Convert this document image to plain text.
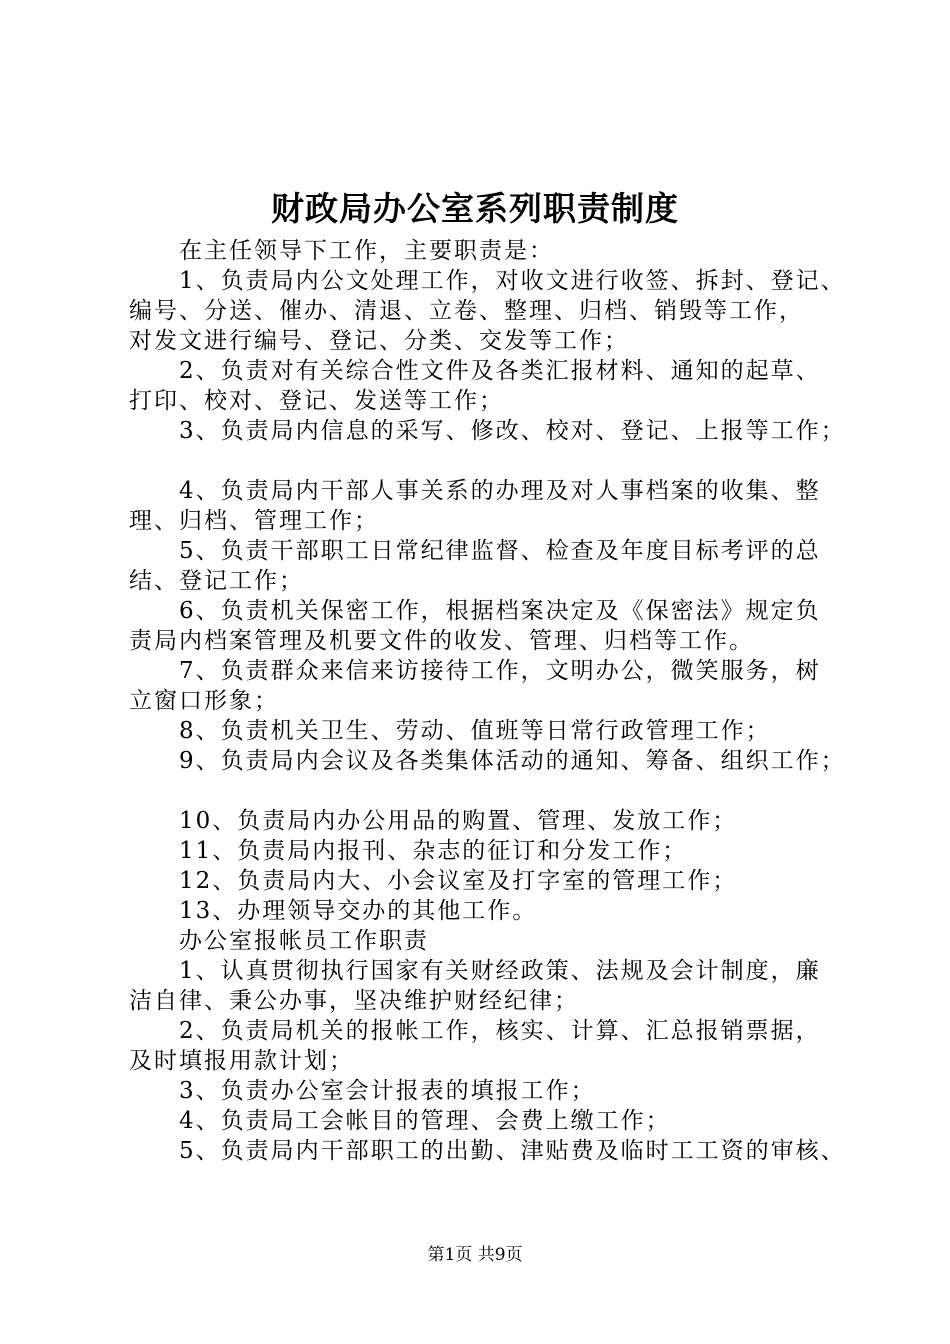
财政局办公室系列职责制度
在主任领导下工作，主要职责是：
1、负责局内公文处理工作，对收文进行收签、拆封、登记、
编号、分送、催办、清退、立卷、整理、归档、销毁等工作，
对发文进行编号、登记、分类、交发等工作；
2、负责对有关综合性文件及各类汇报材料、通知的起草、
打印、校对、登记、发送等工作；
3、负责局内信息的采写、修改、校对、登记、上报等工作；
4、负责局内干部人事关系的办理及对人事档案的收集、整
理、归档、管理工作；
5、负责干部职工日常纪律监督、检查及年度目标考评的总
结、登记工作；
6、负责机关保密工作，根据档案决定及《保密法》规定负
责局内档案管理及机要文件的收发、管理、归档等工作。
7、负责群众来信来访接待工作，文明办公，微笑服务，树
立窗口形象；
8、负责机关卫生、劳动、值班等日常行政管理工作；
9、负责局内会议及各类集体活动的通知、筹备、组织工作；
10、负责局内办公用品的购置、管理、发放工作；
11、负责局内报刊、杂志的征订和分发工作；
12、负责局内大、小会议室及打字室的管理工作；
13、办理领导交办的其他工作。
办公室报帐员工作职责
1、认真贯彻执行国家有关财经政策、法规及会计制度，廉
洁自律、秉公办事，坚决维护财经纪律；
2、负责局机关的报帐工作，核实、计算、汇总报销票据，
及时填报用款计划；
3、负责办公室会计报表的填报工作；
4、负责局工会帐目的管理、会费上缴工作；
5、负责局内干部职工的出勤、津贴费及临时工工资的审核、
第1页 共9页
